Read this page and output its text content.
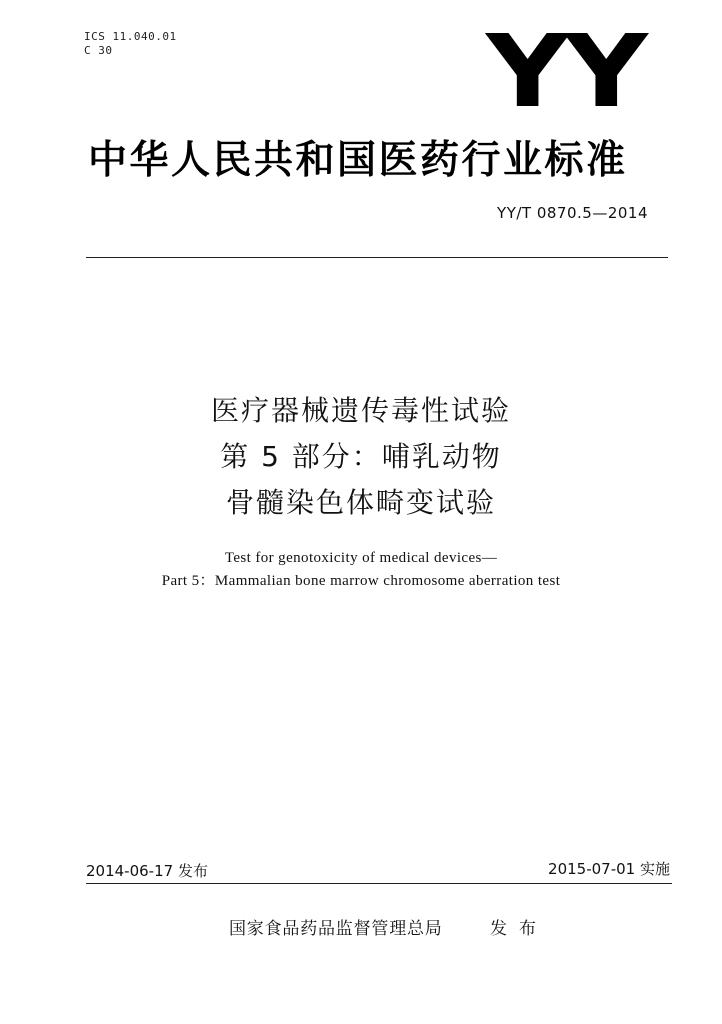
ICS 11.040.01
C 30	YY
中华人民共和国医药行业标准
YY/T 0870.5—2014
医疗器械遗传毒性试验
第 5 部分：哺乳动物
骨髓染色体畸变试验
Test for genotoxicity of medical devices—
Part 5：Mammalian bone marrow chromosome aberration test
2014-06-17 发布	2015-07-01 实施
国家食品药品监督管理总局	发布
